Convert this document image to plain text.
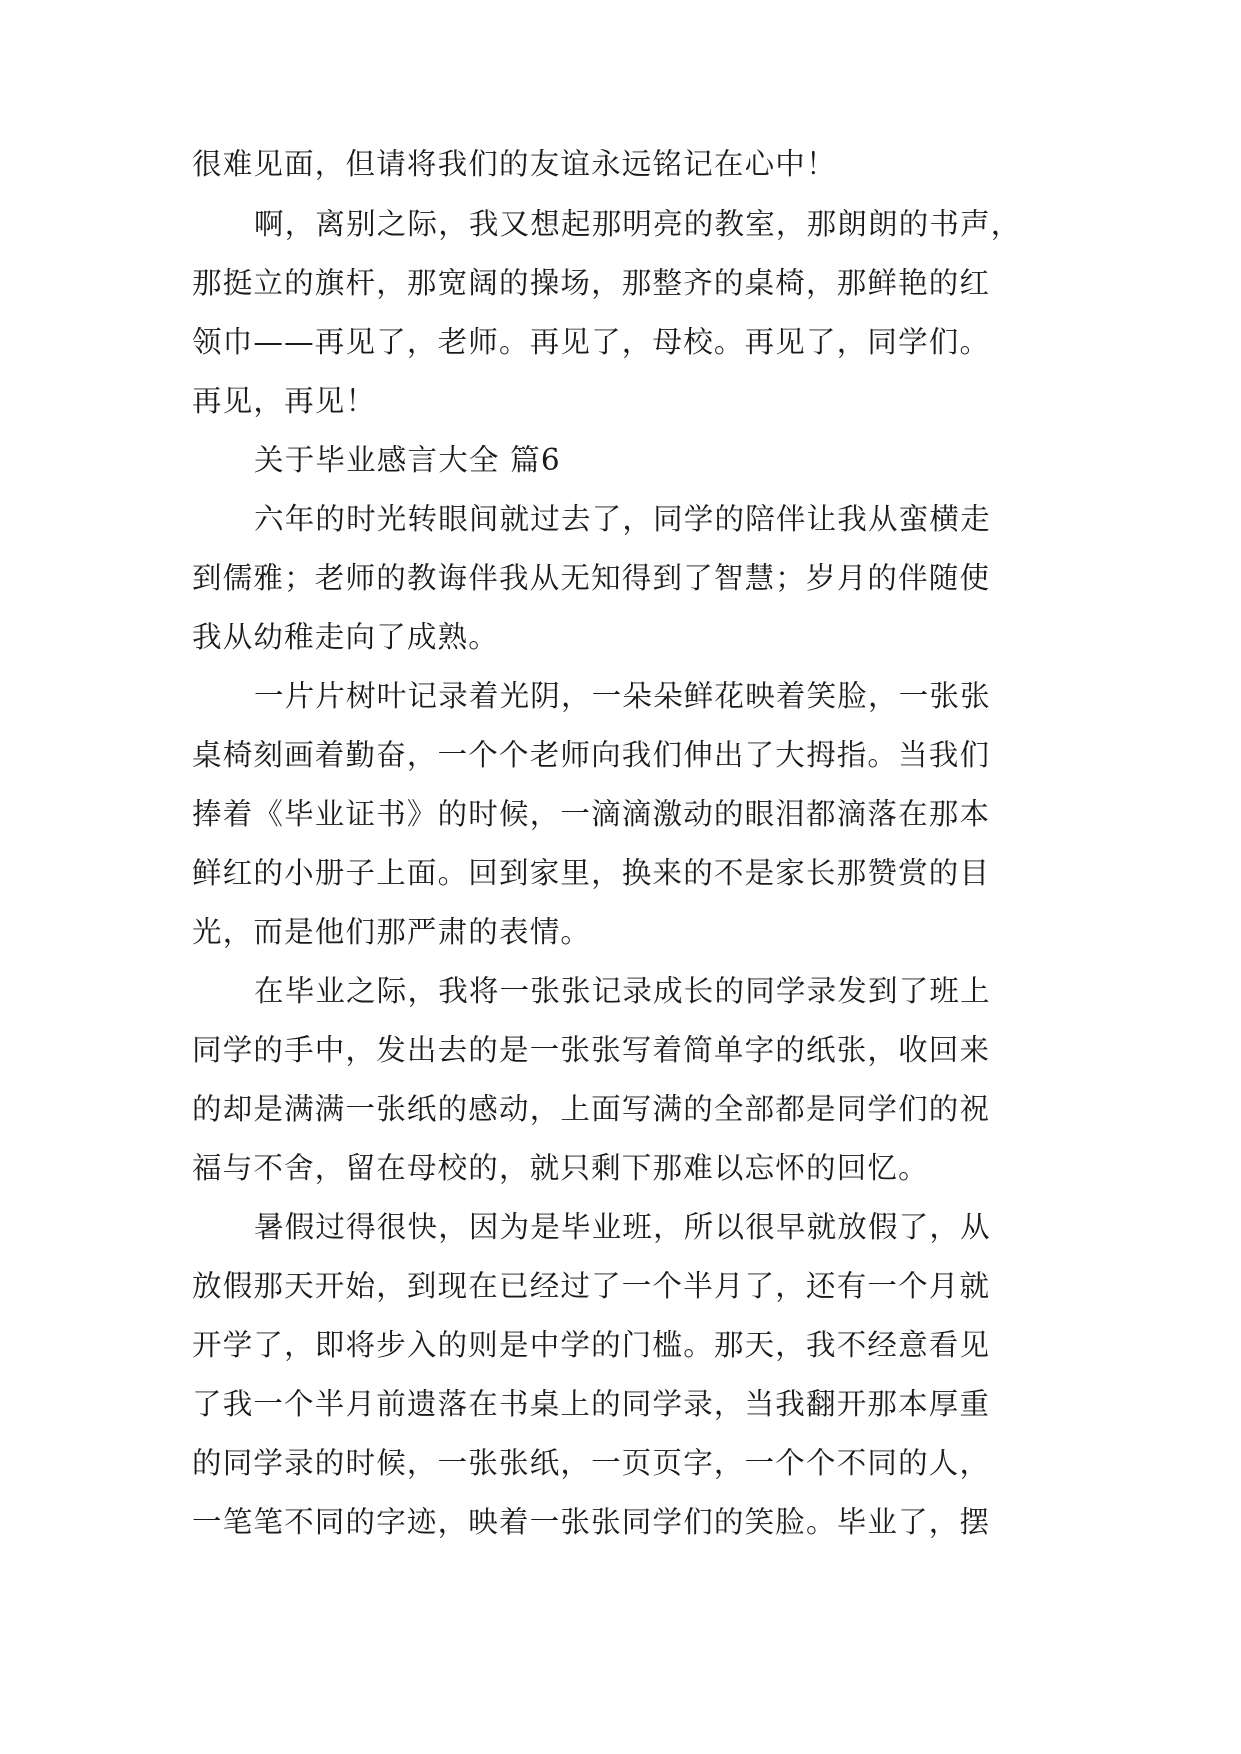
很难见面，但请将我们的友谊永远铭记在心中！
啊，离别之际，我又想起那明亮的教室，那朗朗的书声，
那挺立的旗杆，那宽阔的操场，那整齐的桌椅，那鲜艳的红
领巾——再见了，老师。再见了，母校。再见了，同学们。
再见，再见！
关于毕业感言大全 篇6
六年的时光转眼间就过去了，同学的陪伴让我从蛮横走
到儒雅；老师的教诲伴我从无知得到了智慧；岁月的伴随使
我从幼稚走向了成熟。
一片片树叶记录着光阴，一朵朵鲜花映着笑脸，一张张
桌椅刻画着勤奋，一个个老师向我们伸出了大拇指。当我们
捧着《毕业证书》的时候，一滴滴激动的眼泪都滴落在那本
鲜红的小册子上面。回到家里，换来的不是家长那赞赏的目
光，而是他们那严肃的表情。
在毕业之际，我将一张张记录成长的同学录发到了班上
同学的手中，发出去的是一张张写着简单字的纸张，收回来
的却是满满一张纸的感动，上面写满的全部都是同学们的祝
福与不舍，留在母校的，就只剩下那难以忘怀的回忆。
暑假过得很快，因为是毕业班，所以很早就放假了，从
放假那天开始，到现在已经过了一个半月了，还有一个月就
开学了，即将步入的则是中学的门槛。那天，我不经意看见
了我一个半月前遗落在书桌上的同学录，当我翻开那本厚重
的同学录的时候，一张张纸，一页页字，一个个不同的人，
一笔笔不同的字迹，映着一张张同学们的笑脸。毕业了，摆
